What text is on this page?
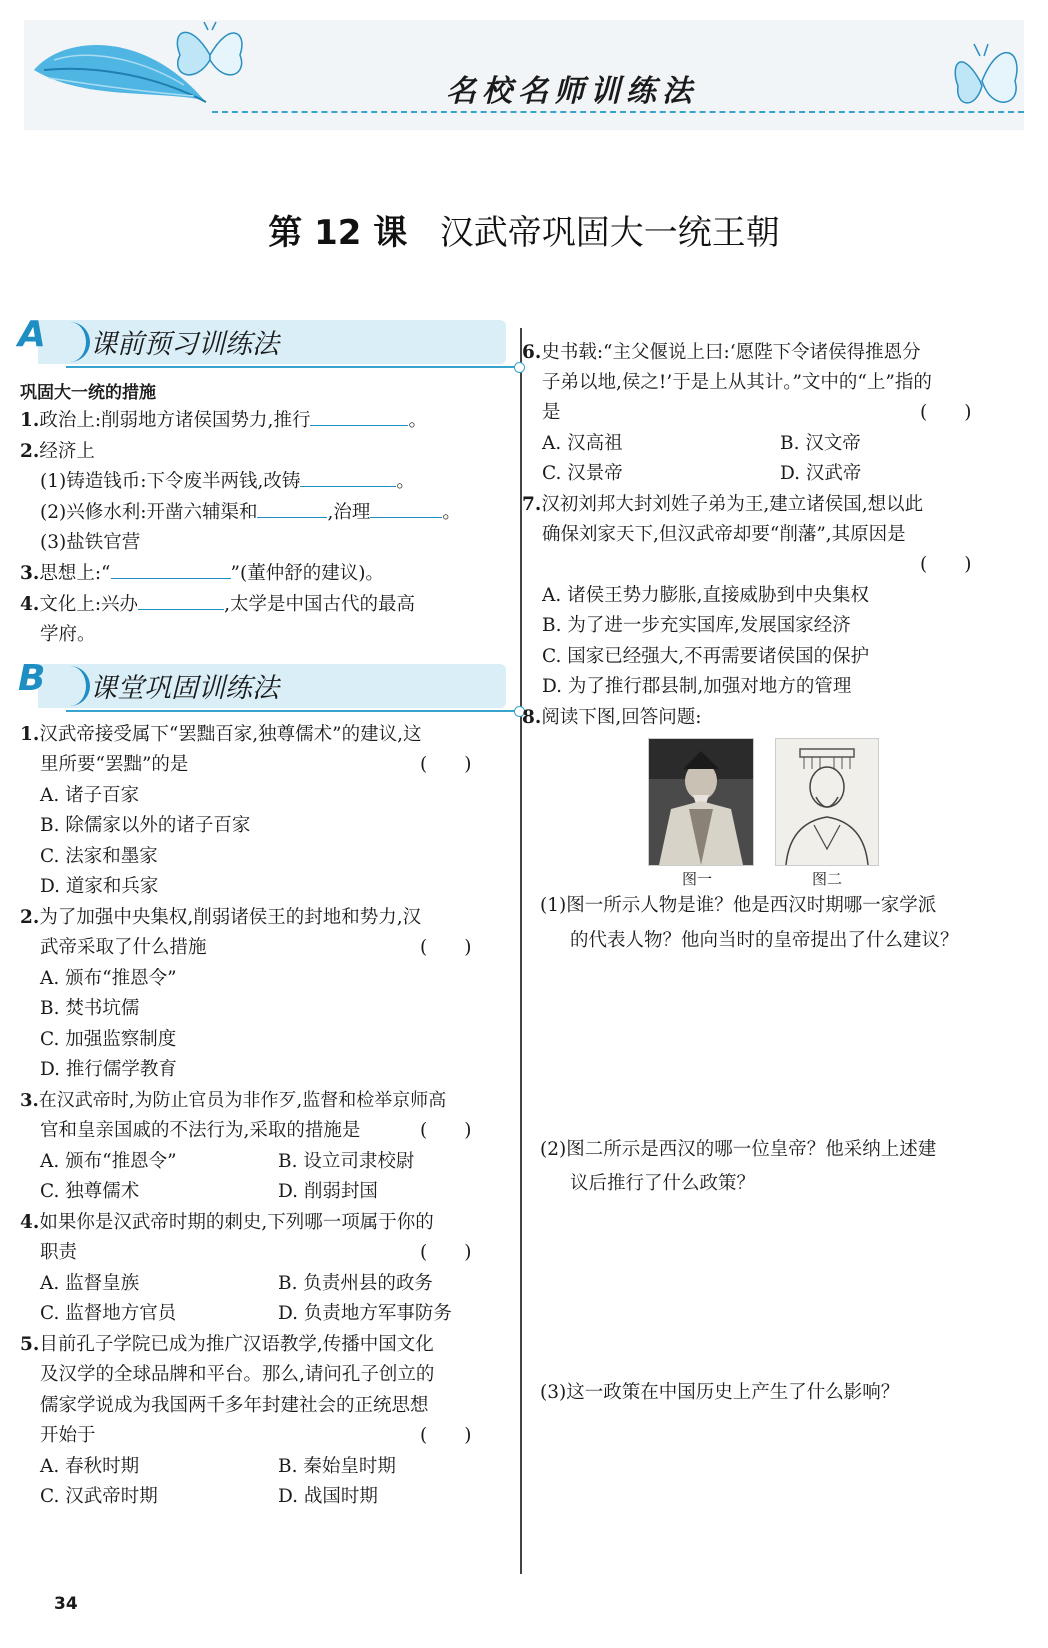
名校名师训练法
第 12 课 汉武帝巩固大一统王朝
A 课前预习训练法
巩固大一统的措施
1.政治上:削弱地方诸侯国势力,推行	。
2.经济上
(1)铸造钱币:下令废半两钱,改铸	。
(2)兴修水利:开凿六辅渠和	,治理	。
(3)盐铁官营
3.思想上:“	”(董仲舒的建议)。
4.文化上:兴办	,太学是中国古代的最高
学府。
B 课堂巩固训练法
1.汉武帝接受属下“罢黜百家,独尊儒术”的建议,这
里所要“罢黜”的是	(　　)
A. 诸子百家
B. 除儒家以外的诸子百家
C. 法家和墨家
D. 道家和兵家
2.为了加强中央集权,削弱诸侯王的封地和势力,汉
武帝采取了什么措施	(　　)
A. 颁布“推恩令”
B. 焚书坑儒
C. 加强监察制度
D. 推行儒学教育
3.在汉武帝时,为防止官员为非作歹,监督和检举京师高
官和皇亲国戚的不法行为,采取的措施是	(　　)
A. 颁布“推恩令”	B. 设立司隶校尉
C. 独尊儒术	D. 削弱封国
4.如果你是汉武帝时期的刺史,下列哪一项属于你的
职责	(　　)
A. 监督皇族	B. 负责州县的政务
C. 监督地方官员	D. 负责地方军事防务
5.目前孔子学院已成为推广汉语教学,传播中国文化
及汉学的全球品牌和平台。那么,请问孔子创立的
儒家学说成为我国两千多年封建社会的正统思想
开始于	(　　)
A. 春秋时期	B. 秦始皇时期
C. 汉武帝时期	D. 战国时期
6.史书载:“主父偃说上曰:‘愿陛下令诸侯得推恩分
子弟以地,侯之!’于是上从其计。”文中的“上”指的
是	(　　)
A. 汉高祖	B. 汉文帝
C. 汉景帝	D. 汉武帝
7.汉初刘邦大封刘姓子弟为王,建立诸侯国,想以此
确保刘家天下,但汉武帝却要“削藩”,其原因是
(　　)
A. 诸侯王势力膨胀,直接威胁到中央集权
B. 为了进一步充实国库,发展国家经济
C. 国家已经强大,不再需要诸侯国的保护
D. 为了推行郡县制,加强对地方的管理
8.阅读下图,回答问题:
图一	图二
(1)图一所示人物是谁？他是西汉时期哪一家学派
的代表人物？他向当时的皇帝提出了什么建议？
(2)图二所示是西汉的哪一位皇帝？他采纳上述建
议后推行了什么政策？
(3)这一政策在中国历史上产生了什么影响？
34
